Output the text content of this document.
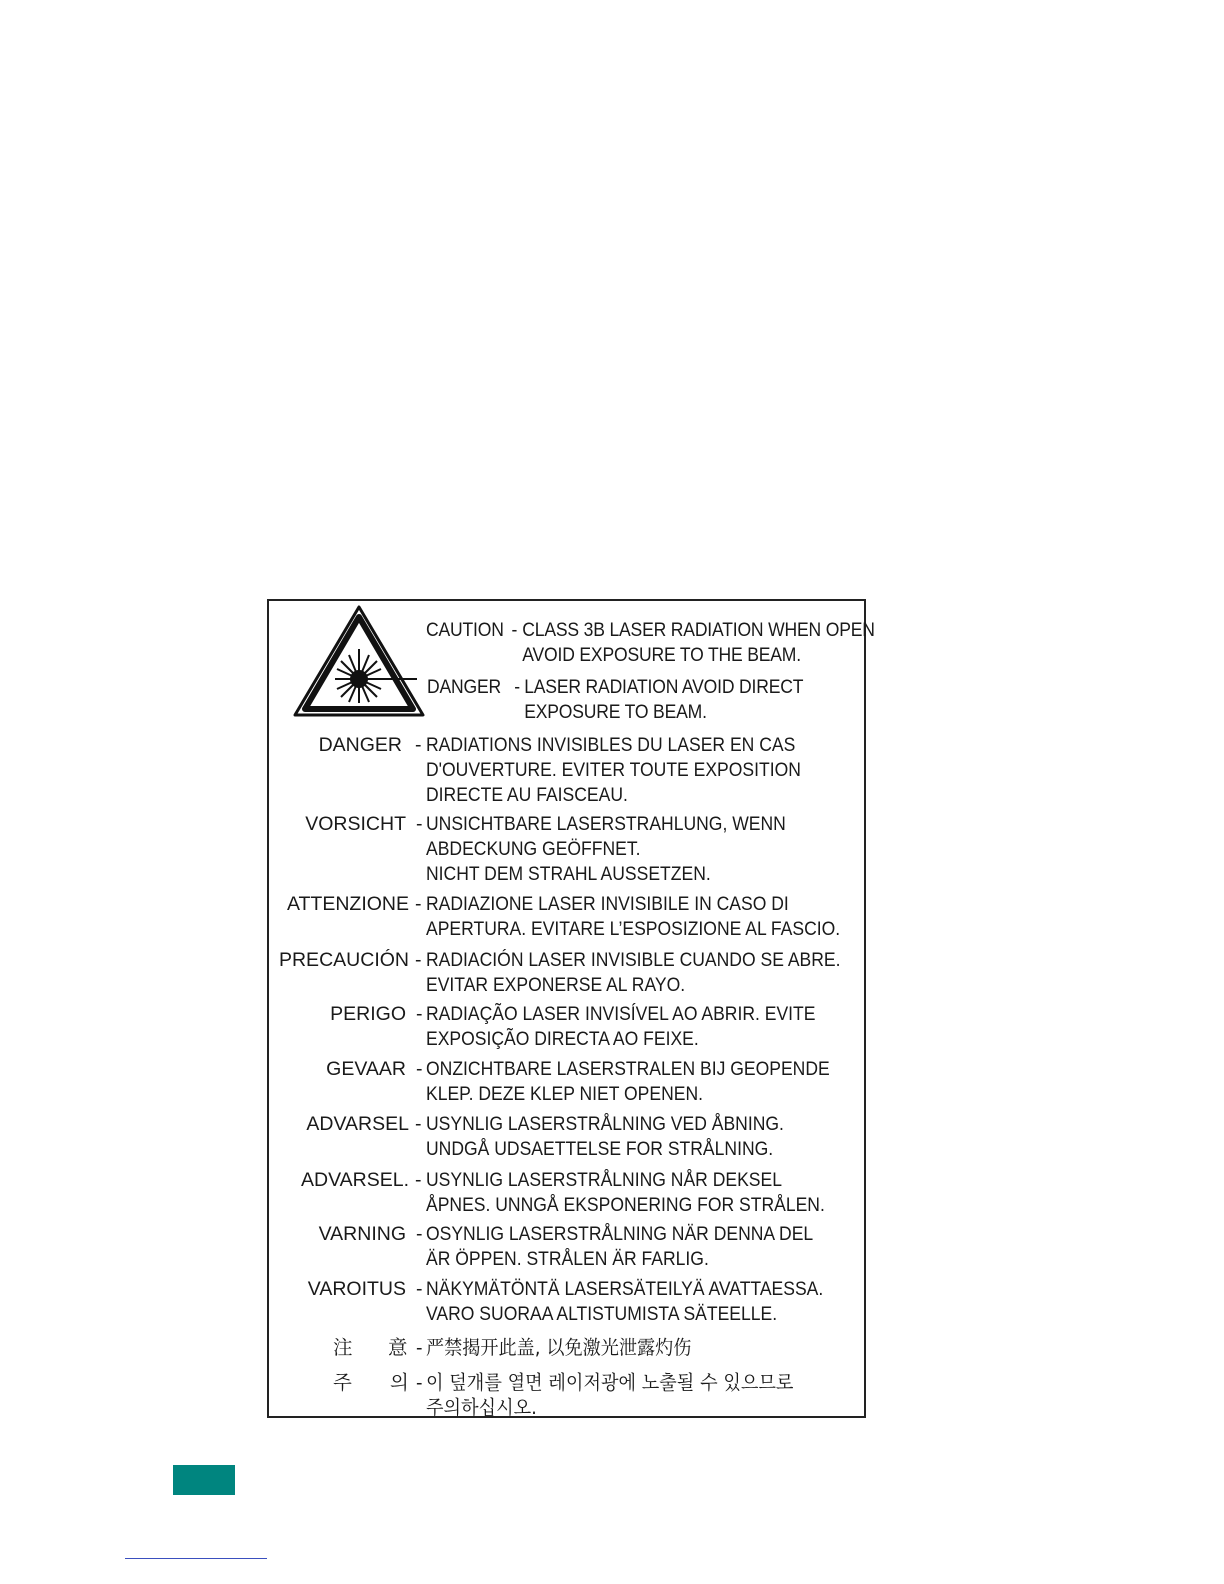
CAUTION - CLASS 3B LASER RADIATION WHEN OPEN
AVOID EXPOSURE TO THE BEAM.
DANGER - LASER RADIATION AVOID DIRECT
EXPOSURE TO BEAM.
DANGER - RADIATIONS INVISIBLES DU LASER EN CAS
D'OUVERTURE. EVITER TOUTE EXPOSITION
DIRECTE AU FAISCEAU.
VORSICHT - UNSICHTBARE LASERSTRAHLUNG, WENN
ABDECKUNG GEÖFFNET.
NICHT DEM STRAHL AUSSETZEN.
ATTENZIONE - RADIAZIONE LASER INVISIBILE IN CASO DI
APERTURA. EVITARE L’ESPOSIZIONE AL FASCIO.
PRECAUCIÓN - RADIACIÓN LASER INVISIBLE CUANDO SE ABRE.
EVITAR EXPONERSE AL RAYO.
PERIGO - RADIAÇÃO LASER INVISÍVEL AO ABRIR. EVITE
EXPOSIÇÃO DIRECTA AO FEIXE.
GEVAAR - ONZICHTBARE LASERSTRALEN BIJ GEOPENDE
KLEP. DEZE KLEP NIET OPENEN.
ADVARSEL - USYNLIG LASERSTRÅLNING VED ÅBNING.
UNDGÅ UDSAETTELSE FOR STRÅLNING.
ADVARSEL. - USYNLIG LASERSTRÅLNING NÅR DEKSEL
ÅPNES. UNNGÅ EKSPONERING FOR STRÅLEN.
VARNING - OSYNLIG LASERSTRÅLNING NÄR DENNA DEL
ÄR ÖPPEN. STRÅLEN ÄR FARLIG.
VAROITUS - NÄKYMÄTÖNTÄ LASERSÄTEILYÄ AVATTAESSA.
VARO SUORAA ALTISTUMISTA SÄTEELLE.
注 意 - 严禁揭开此盖, 以免激光泄露灼伤
주 의 - 이 덮개를 열면 레이저광에 노출될 수 있으므로
주의하십시오.
